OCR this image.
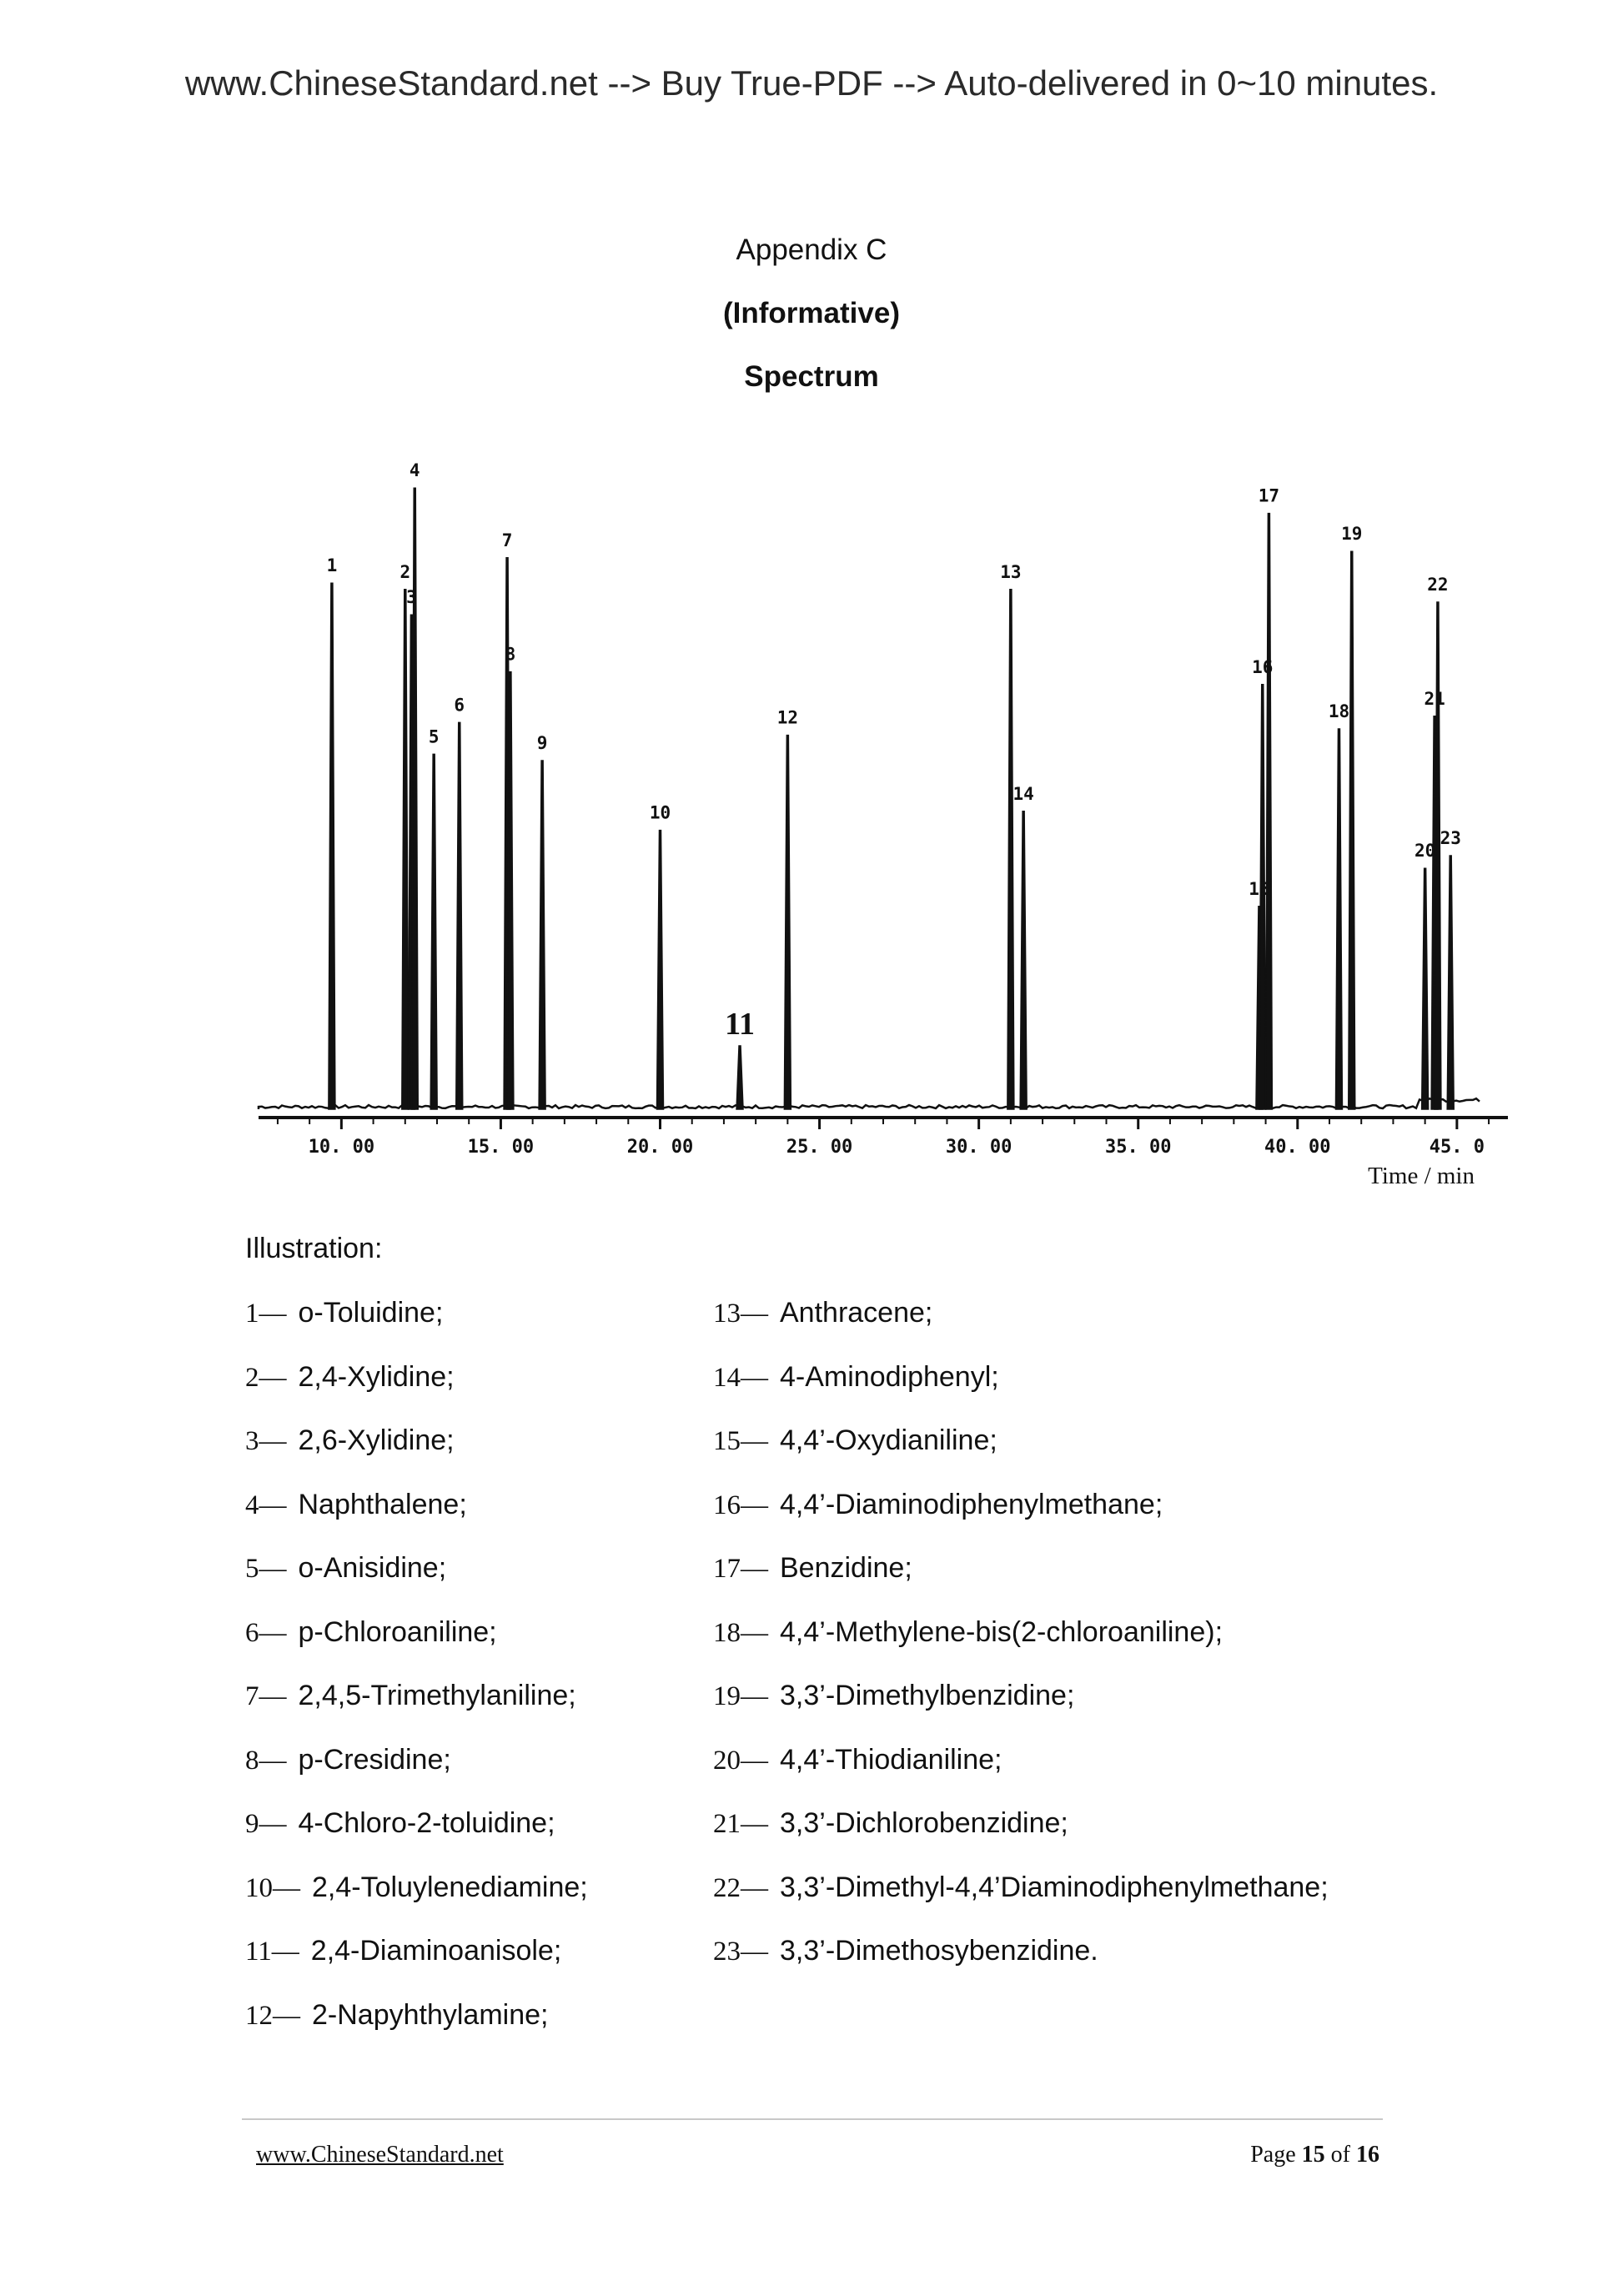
www.ChineseStandard.net --> Buy True-PDF --> Auto-delivered in 0~10 minutes.
Appendix C
(Informative)
Spectrum
10. 00	15. 00	20. 00	25. 00	30. 00	35. 00	40. 00	45. 0
1	2
3
4
5
6
7
8
9
10
11
12
13
14
15
16
17
18
19
20
21
22
23
Time / min
Illustration:
1— o-Toluidine;
2— 2,4-Xylidine;
3— 2,6-Xylidine;
4— Naphthalene;
5— o-Anisidine;
6— p-Chloroaniline;
7— 2,4,5-Trimethylaniline;
8— p-Cresidine;
9— 4-Chloro-2-toluidine;
10— 2,4-Toluylenediamine;
11— 2,4-Diaminoanisole;
12— 2-Napyhthylamine;
13— Anthracene;
14— 4-Aminodiphenyl;
15— 4,4’-Oxydianiline;
16— 4,4’-Diaminodiphenylmethane;
17— Benzidine;
18— 4,4’-Methylene-bis(2-chloroaniline);
19— 3,3’-Dimethylbenzidine;
20— 4,4’-Thiodianiline;
21— 3,3’-Dichlorobenzidine;
22— 3,3’-Dimethyl-4,4’Diaminodiphenylmethane;
23— 3,3’-Dimethosybenzidine.
www.ChineseStandard.net	Page 15 of 16
